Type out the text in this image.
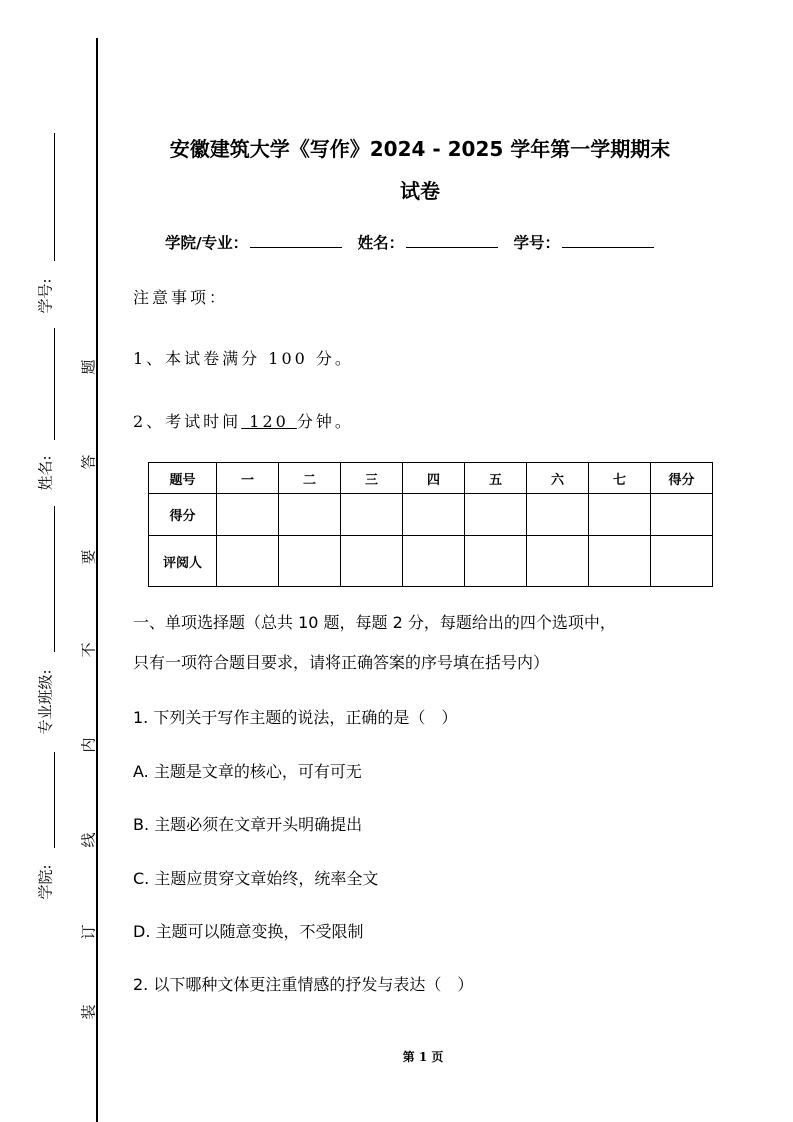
学号:
姓名:
专业班级:
学院:
题
答
要
不
内
线
订
装
安徽建筑大学《写作》2024 - 2025 学年第一学期期末
试卷
学院/专业：	姓名：	学号：
注意事项：
1、本试卷满分 100 分。
2、考试时间 120 分钟。
题号	一	二	三	四	五	六	七	得分
得分								
评阅人								
一、单项选择题（总共 10 题，每题 2 分，每题给出的四个选项中，
只有一项符合题目要求，请将正确答案的序号填在括号内）
1. 下列关于写作主题的说法，正确的是（　）
A. 主题是文章的核心，可有可无
B. 主题必须在文章开头明确提出
C. 主题应贯穿文章始终，统率全文
D. 主题可以随意变换，不受限制
2. 以下哪种文体更注重情感的抒发与表达（　）
第 1 页
